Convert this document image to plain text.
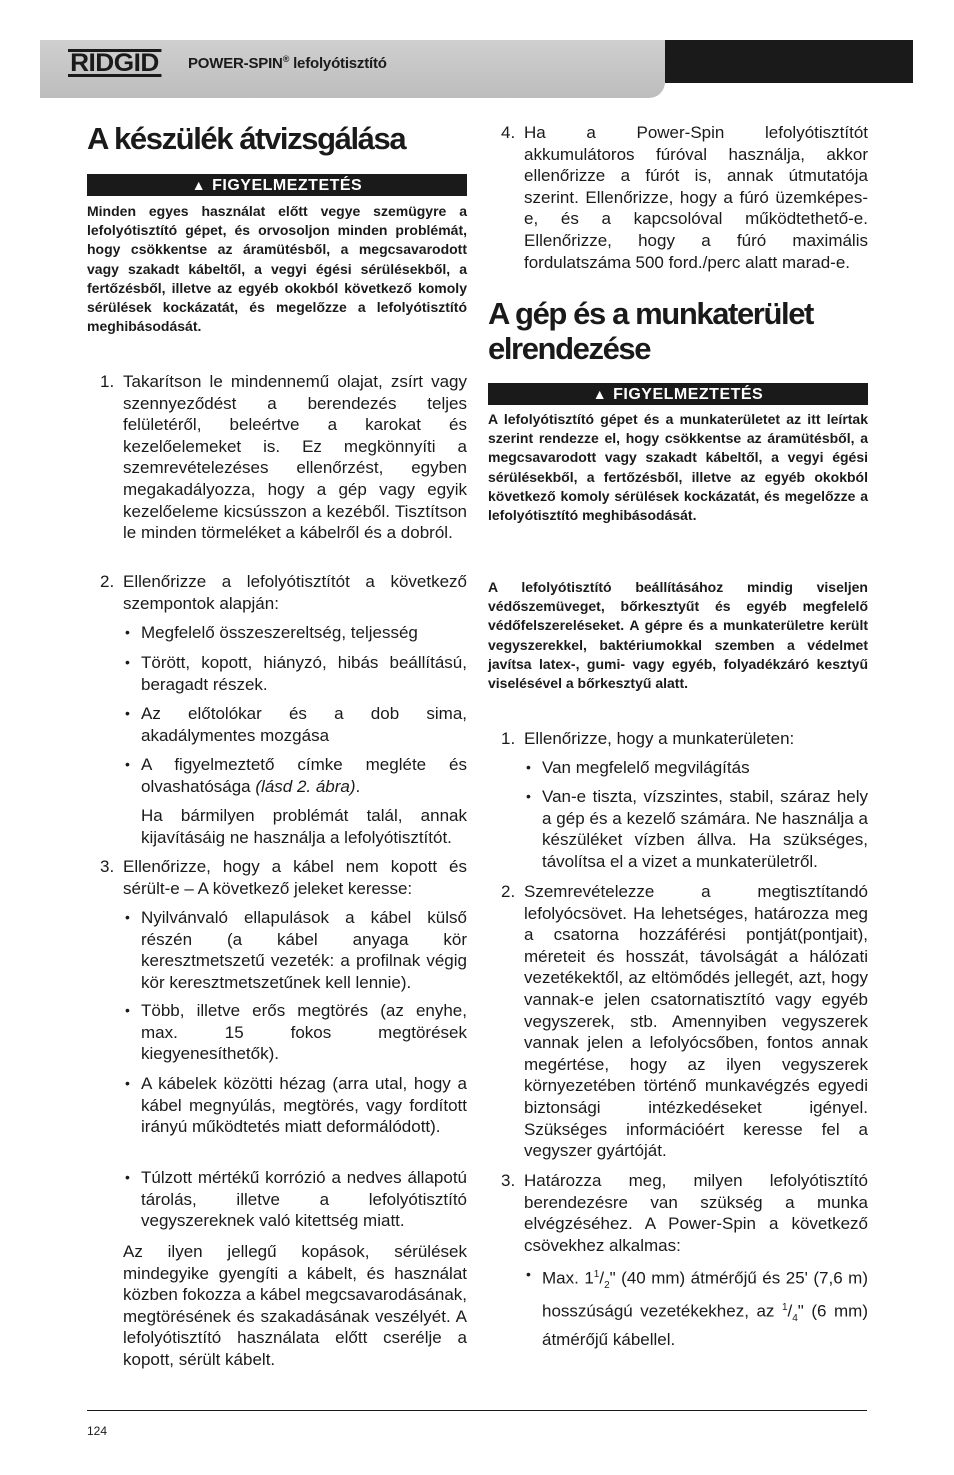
RIDGID POWER-SPIN® lefolyótisztító
A készülék átvizsgálása
▲ FIGYELMEZTETÉS

Minden egyes használat előtt vegye szemügyre a lefolyótisztító gépet, és orvosoljon minden problémát, hogy csökkentse az áramütésből, a megcsavarodott vagy szakadt kábeltől, a vegyi égési sérülésekből, a fertőzésből, illetve az egyéb okokból következő komoly sérülések kockázatát, és megelőzze a lefolyótisztító meghibásodását.

1. Takarítson le mindennemű olajat, zsírt vagy szennyeződést a berendezés teljes felületéről, beleértve a karokat és kezelőelemeket is. Ez megkönnyíti a szemrevételezéses ellenőrzést, egyben megakadályozza, hogy a gép vagy egyik kezelőeleme kicsússzon a kezéből. Tisztítson le minden törmeléket a kábelről és a dobról.

2. Ellenőrizze a lefolyótisztítót a következő szempontok alapján:

• Megfelelő összeszereltség, teljesség

• Törött, kopott, hiányzó, hibás beállítású, beragadt részek.

• Az előtolókar és a dob sima, akadálymentes mozgása

• A figyelmeztető címke megléte és olvashatósága (lásd 2. ábra).

Ha bármilyen problémát talál, annak kijavításáig ne használja a lefolyótisztítót.

3. Ellenőrizze, hogy a kábel nem kopott és sérült-e – A következő jeleket keresse:

• Nyilvánvaló ellapulások a kábel külső részén (a kábel anyaga kör keresztmetszetű vezeték: a profilnak végig kör keresztmetszetűnek kell lennie).

• Több, illetve erős megtörés (az enyhe, max. 15 fokos megtörések kiegyenesíthetők).

• A kábelek közötti hézag (arra utal, hogy a kábel megnyúlás, megtörés, vagy fordított irányú működtetés miatt deformálódott).

• Túlzott mértékű korrózió a nedves állapotú tárolás, illetve a lefolyótisztító vegyszereknek való kitettség miatt.

Az ilyen jellegű kopások, sérülések mindegyike gyengíti a kábelt, és használat közben fokozza a kábel megcsavarodásának, megtörésének és szakadásának veszélyét. A lefolyótisztító használata előtt cserélje a kopott, sérült kábelt.

4. Ha a Power-Spin lefolyótisztítót akkumulátoros fúróval használja, akkor ellenőrizze a fúrót is, annak útmutatója szerint. Ellenőrizze, hogy a fúró üzemképes-e, és a kapcsolóval működtethető-e. Ellenőrizze, hogy a fúró maximális fordulatszáma 500 ford./perc alatt marad-e.

A gép és a munkaterület
elrendezése
▲ FIGYELMEZTETÉS

A lefolyótisztító gépet és a munkaterületet az itt leírtak szerint rendezze el, hogy csökkentse az áramütésből, a megcsavarodott vagy szakadt kábeltől, a vegyi égési sérülésekből, a fertőzésből, illetve az egyéb okokból következő komoly sérülések kockázatát, és megelőzze a lefolyótisztító meghibásodását.

A lefolyótisztító beállításához mindig viseljen védőszemüveget, bőrkesztyűt és egyéb megfelelő védőfelszereléseket. A gépre és a munkaterületre került vegyszerekkel, baktériumokkal szemben a védelmet javítsa latex-, gumi- vagy egyéb, folyadékzáró kesztyű viselésével a bőrkesztyű alatt.

1. Ellenőrizze, hogy a munkaterületen:

• Van megfelelő megvilágítás

• Van-e tiszta, vízszintes, stabil, száraz hely a gép és a kezelő számára. Ne használja a készüléket vízben állva. Ha szükséges, távolítsa el a vizet a munkaterületről.

2. Szemrevételezze a megtisztítandó lefolyócsövet. Ha lehetséges, határozza meg a csatorna hozzáférési pontját(pontjait), méreteit és hosszát, távolságát a hálózati vezetékektől, az eltömődés jellegét, azt, hogy vannak-e jelen csatornatisztító vagy egyéb vegyszerek, stb. Amennyiben vegyszerek vannak jelen a lefolyócsőben, fontos annak megértése, hogy az ilyen vegyszerek környezetében történő munkavégzés egyedi biztonsági intézkedéseket igényel. Szükséges információért keresse fel a vegyszer gyártóját.

3. Határozza meg, milyen lefolyótisztító berendezésre van szükség a munka elvégzéséhez. A Power-Spin a következő csövekhez alkalmas:

• Max. $1^1/_2$" (40 mm) átmérőjű és 25' (7,6 m) hosszúságú vezetékekhez, az $^1/_4$" (6 mm) átmérőjű kábellel.

124
